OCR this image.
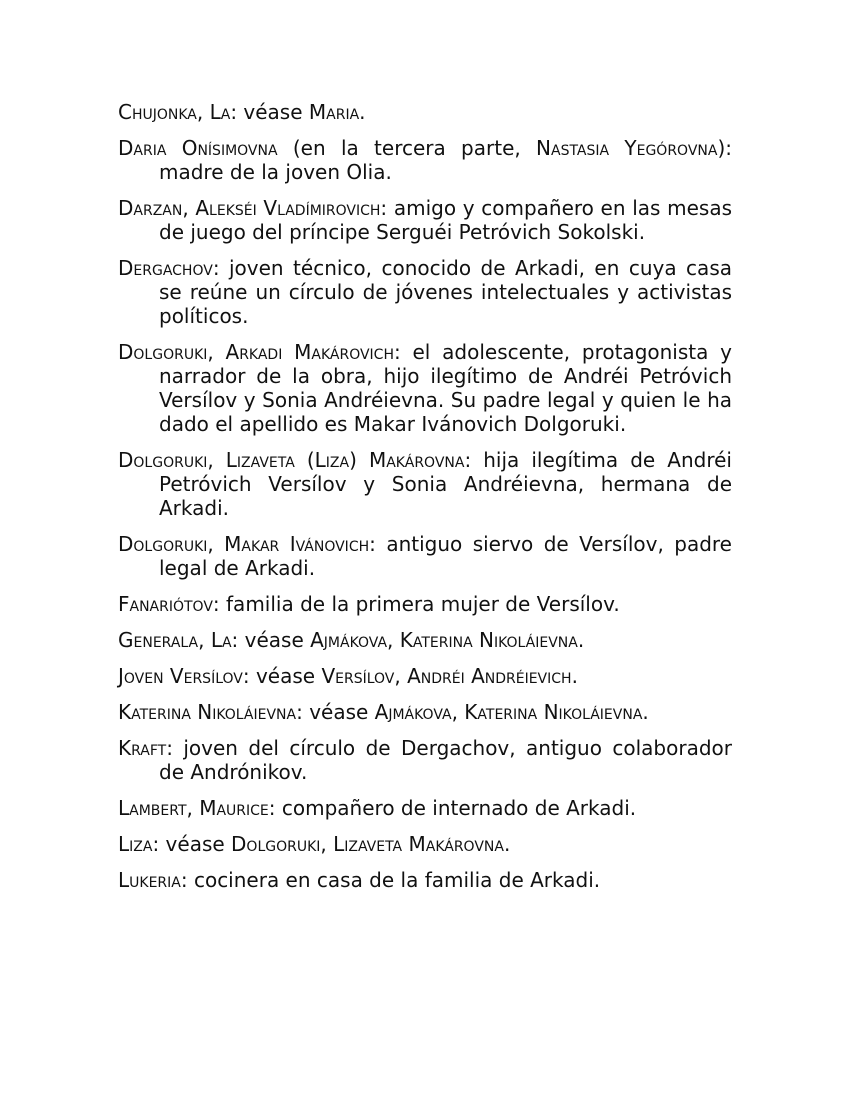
Chujonka, La: véase Maria.

Daria Onísimovna (en la tercera parte, Nastasia Yegórovna): madre de la joven Olia.

Darzan, Alekséi Vladímirovich: amigo y compañero en las mesas de juego del príncipe Serguéi Petróvich Sokolski.

Dergachov: joven técnico, conocido de Arkadi, en cuya casa se reúne un círculo de jóvenes intelectuales y activistas políticos.

Dolgoruki, Arkadi Makárovich: el adolescente, protagonista y narrador de la obra, hijo ilegítimo de Andréi Petróvich Versílov y Sonia Andréievna. Su padre legal y quien le ha dado el apellido es Makar Ivánovich Dolgoruki.

Dolgoruki, Lizaveta (Liza) Makárovna: hija ilegítima de Andréi Petróvich Versílov y Sonia Andréievna, hermana de Arkadi.

Dolgoruki, Makar Ivánovich: antiguo siervo de Versílov, padre legal de Arkadi.

Fanariótov: familia de la primera mujer de Versílov.

Generala, La: véase Ajmákova, Katerina Nikoláievna.

Joven Versílov: véase Versílov, Andréi Andréievich.

Katerina Nikoláievna: véase Ajmákova, Katerina Nikoláievna.

Kraft: joven del círculo de Dergachov, antiguo colaborador de Andrónikov.

Lambert, Maurice: compañero de internado de Arkadi.

Liza: véase Dolgoruki, Lizaveta Makárovna.

Lukeria: cocinera en casa de la familia de Arkadi.
